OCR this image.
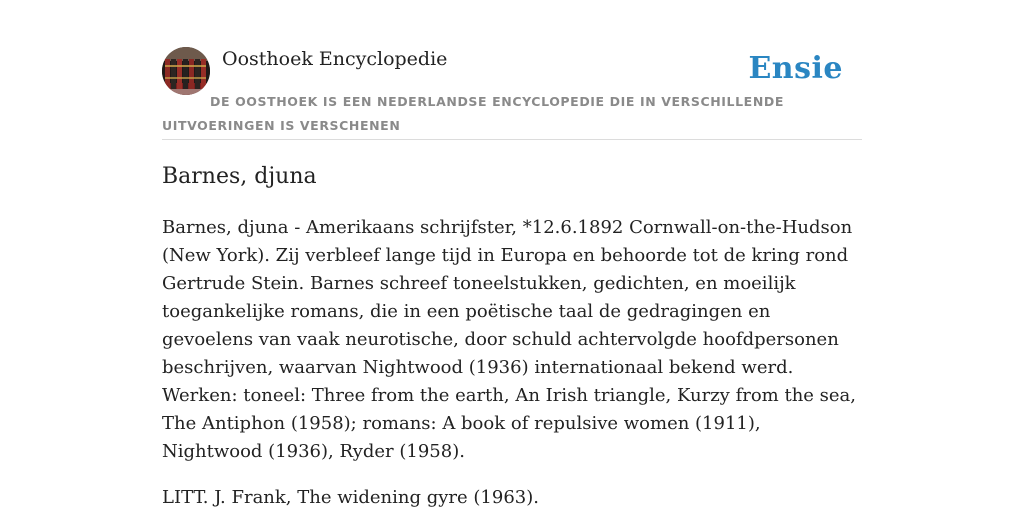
Oosthoek Encyclopedie	Ensie
DE OOSTHOEK IS EEN NEDERLANDSE ENCYCLOPEDIE DIE IN VERSCHILLENDE UITVOERINGEN IS VERSCHENEN
Barnes, djuna

Barnes, djuna - Amerikaans schrijfster, *12.6.1892 Cornwall-on-the-Hudson (New York). Zij verbleef lange tijd in Europa en behoorde tot de kring rond Gertrude Stein. Barnes schreef toneelstukken, gedichten, en moeilijk toegankelijke romans, die in een poëtische taal de gedragingen en gevoelens van vaak neurotische, door schuld achtervolgde hoofdpersonen beschrijven, waarvan Nightwood (1936) internationaal bekend werd. Werken: toneel: Three from the earth, An Irish triangle, Kurzy from the sea, The Antiphon (1958); romans: A book of repulsive women (1911), Nightwood (1936), Ryder (1958).

LITT. J. Frank, The widening gyre (1963).
